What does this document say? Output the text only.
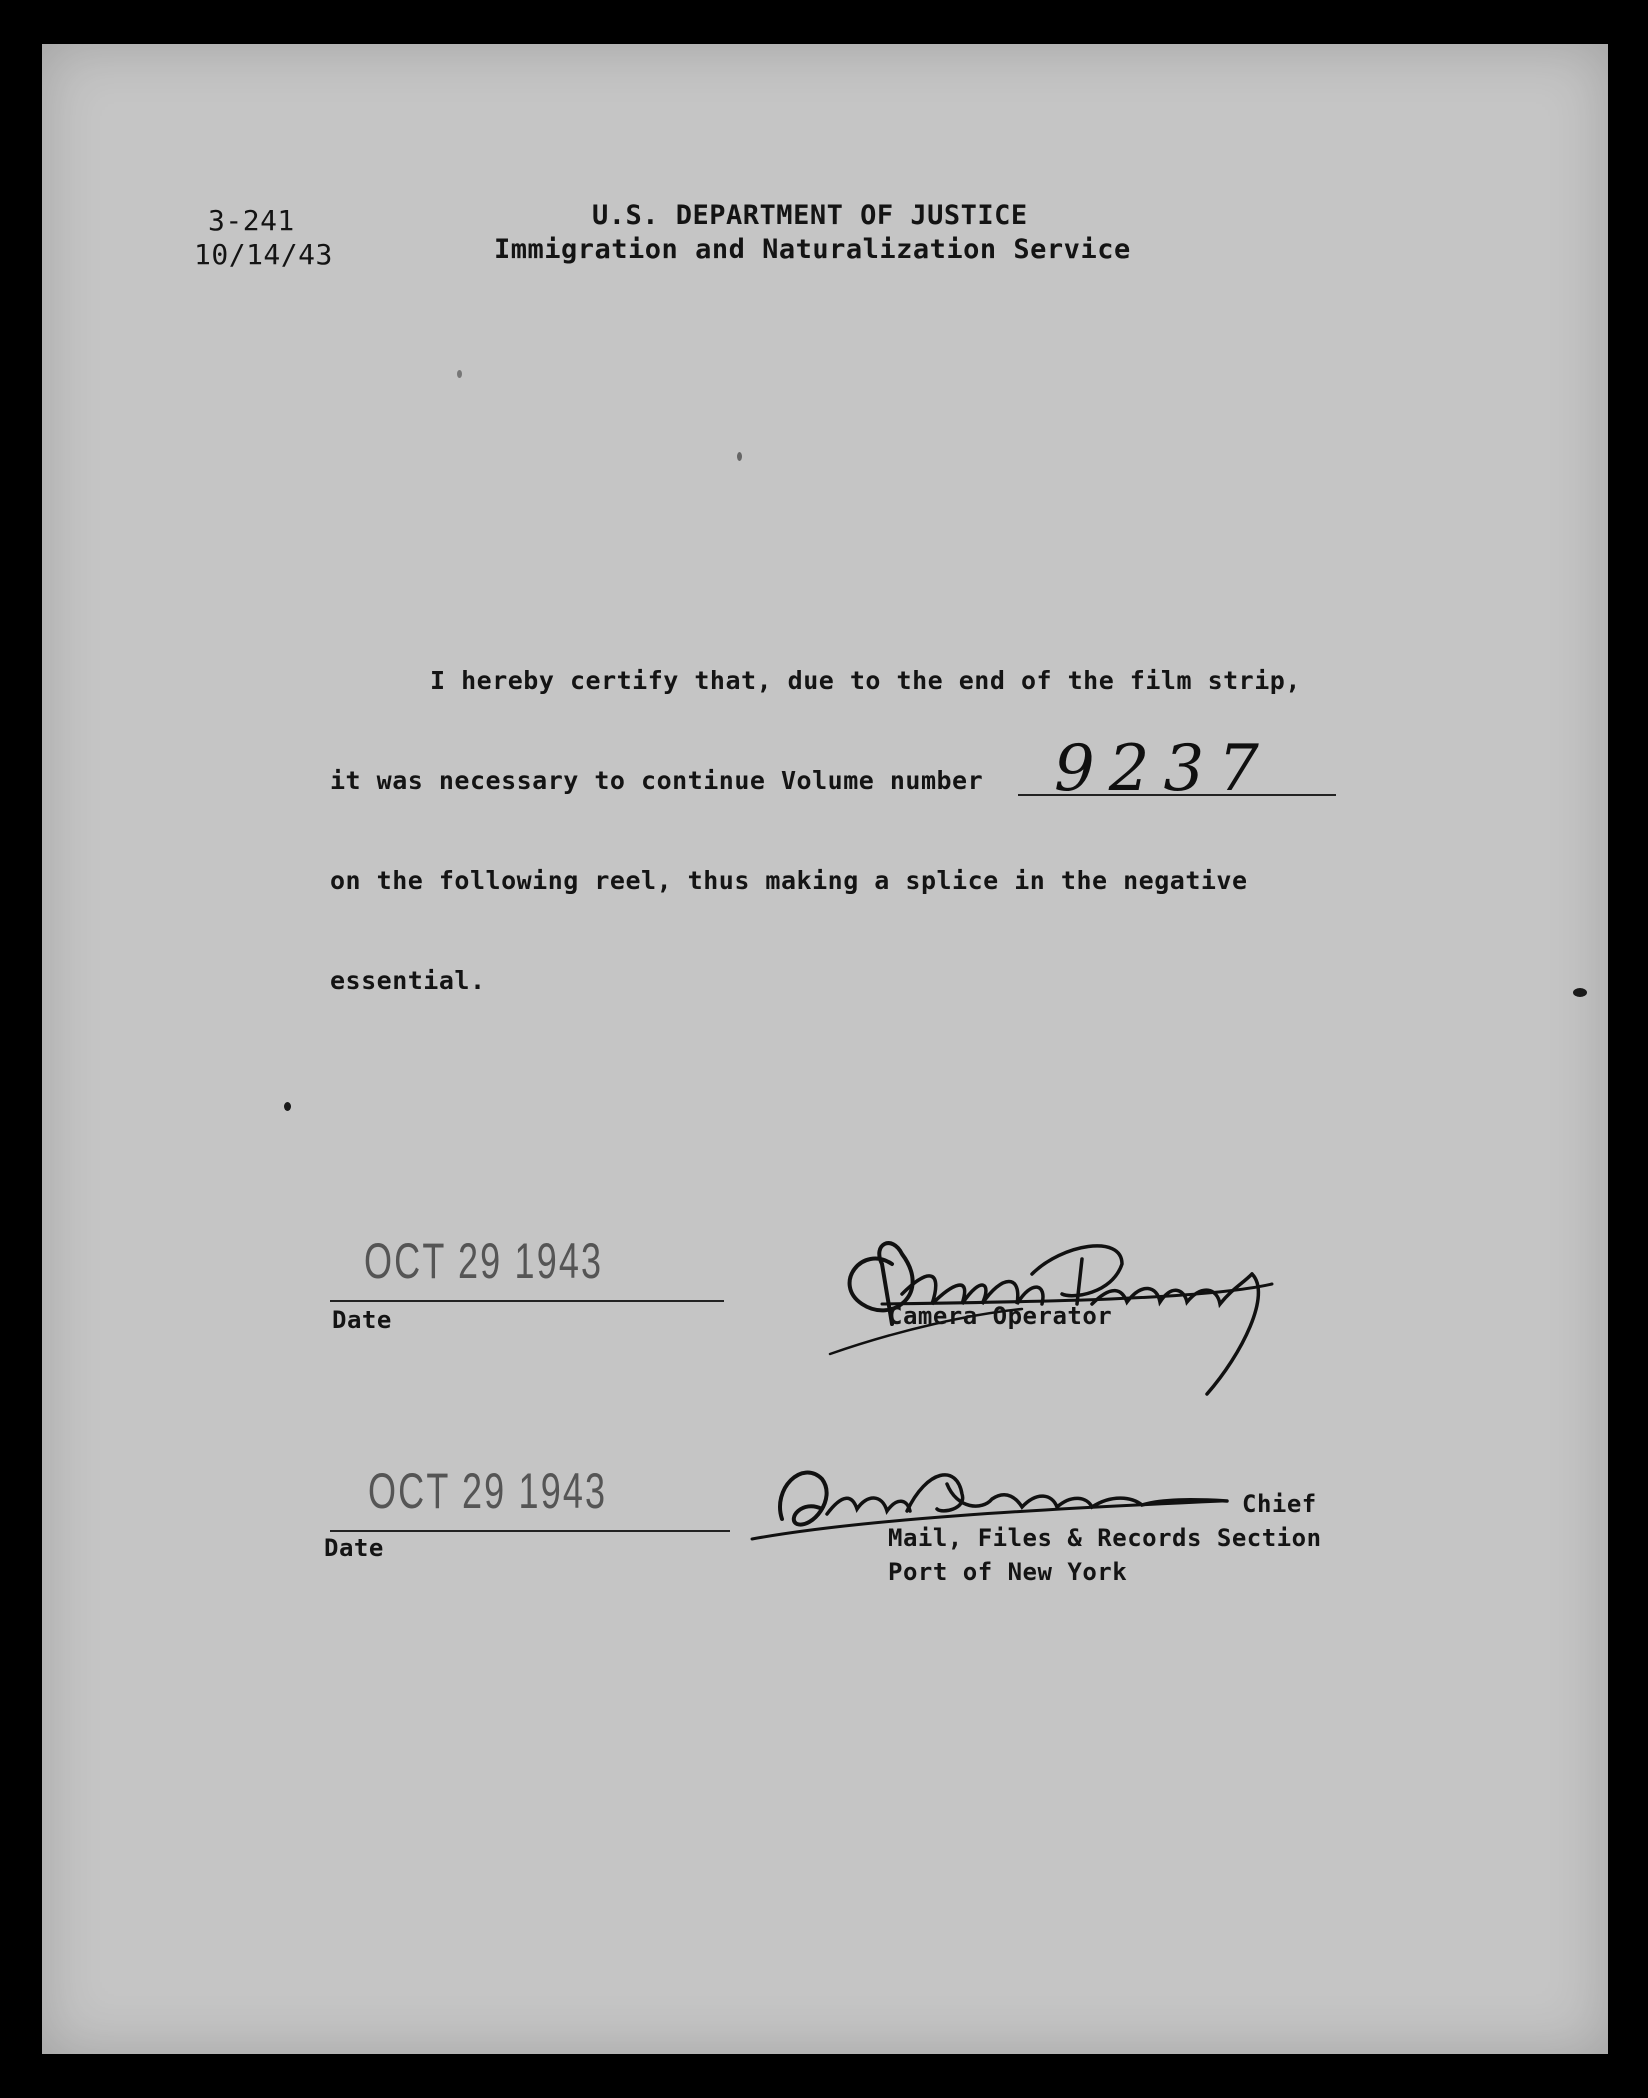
3-241
10/14/43
U.S. DEPARTMENT OF JUSTICE
Immigration and Naturalization Service
I hereby certify that, due to the end of the film strip,
it was necessary to continue Volume number 9237
on the following reel, thus making a splice in the negative
essential.
OCT 29 1943
Date	Camera Operator
OCT 29 1943
Date
Chief
Mail, Files & Records Section
Port of New York
